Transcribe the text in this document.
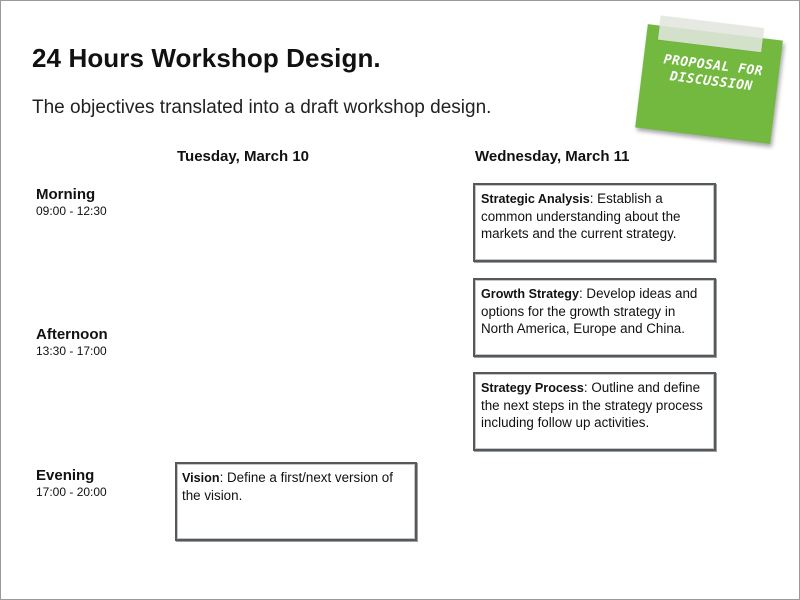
24 Hours Workshop Design.
The objectives translated into a draft workshop design.
PROPOSAL FOR DISCUSSION
Tuesday, March 10	Wednesday, March 11
Morning
09:00 - 12:30
Afternoon
13:30 - 17:00
Evening
17:00 - 20:00
Strategic Analysis: Establish a common understanding about the markets and the current strategy.
Growth Strategy: Develop ideas and options for the growth strategy in North America, Europe and China.
Strategy Process: Outline and define the next steps in the strategy process including follow up activities.
Vision: Define a first/next version of the vision.
